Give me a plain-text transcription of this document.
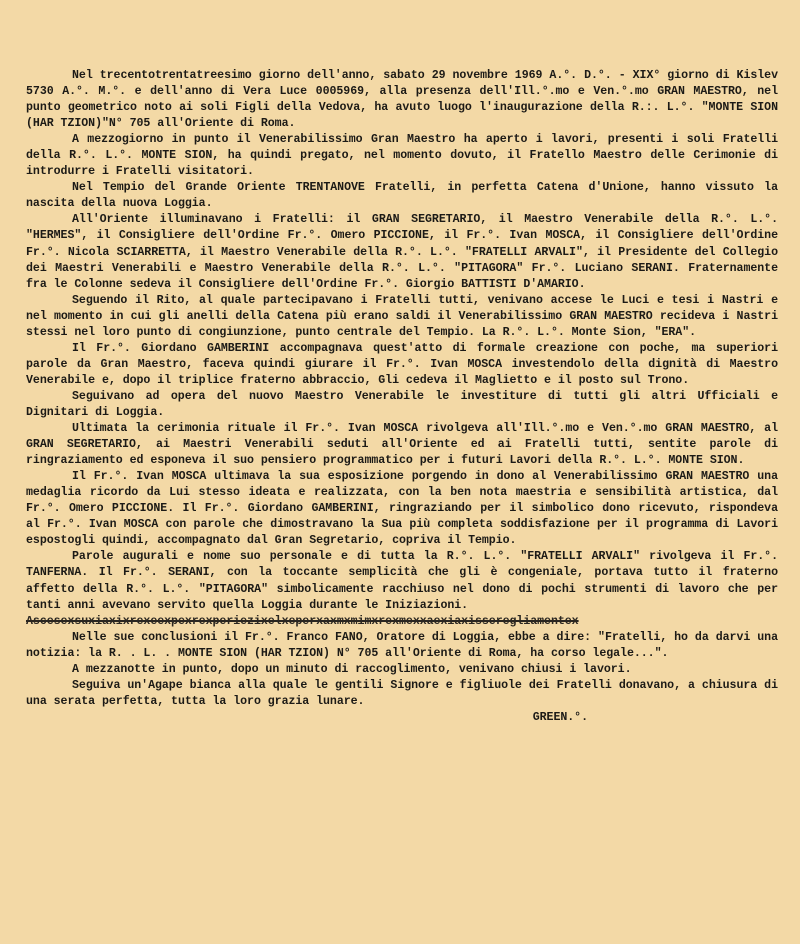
Nel trecentotrentatreesimo giorno dell'anno, sabato 29 novembre 1969 A.°. D.°. - XIX° giorno di Kislev 5730 A.°. M.°. e dell'anno di Vera Luce 0005969, alla presenza dell'Ill.°.mo e Ven.°.mo GRAN MAESTRO, nel punto geometrico noto ai soli Figli della Vedova, ha avuto luogo l'inaugurazione della R.:. L.°. "MONTE SION (HAR TZION)"N° 705 all'Oriente di Roma.

A mezzogiorno in punto il Venerabilissimo Gran Maestro ha aperto i lavori, presenti i soli Fratelli della R.°. L.°. MONTE SION, ha quindi pregato, nel momento dovuto, il Fratello Maestro delle Cerimonie di introdurre i Fratelli visitatori.

Nel Tempio del Grande Oriente TRENTANOVE Fratelli, in perfetta Catena d'Unione, hanno vissuto la nascita della nuova Loggia.

All'Oriente illuminavano i Fratelli: il GRAN SEGRETARIO, il Maestro Venerabile della R.°. L.°. "HERMES", il Consigliere dell'Ordine Fr.°. Omero PICCIONE, il Fr.°. Ivan MOSCA, il Consigliere dell'Ordine Fr.°. Nicola SCIARRETTA, il Maestro Venerabile della R.°. L.°. "FRATELLI ARVALI", il Presidente del Collegio dei Maestri Venerabili e Maestro Venerabile della R.°. L.°. "PITAGORA" Fr.°. Luciano SERANI. Fraternamente fra le Colonne sedeva il Consigliere dell'Ordine Fr.°. Giorgio BATTISTI D'AMARIO.

Seguendo il Rito, al quale partecipavano i Fratelli tutti, venivano accese le Luci e tesi i Nastri e nel momento in cui gli anelli della Catena più erano saldi il Venerabilissimo GRAN MAESTRO recideva i Nastri stessi nel loro punto di congiunzione, punto centrale del Tempio. La R.°. L.°. Monte Sion, "ERA".

Il Fr.°. Giordano GAMBERINI accompagnava quest'atto di formale creazione con poche, ma superiori parole da Gran Maestro, faceva quindi giurare il Fr.°. Ivan MOSCA investendolo della dignità di Maestro Venerabile e, dopo il triplice fraterno abbraccio, Gli cedeva il Maglietto e il posto sul Trono.

Seguivano ad opera del nuovo Maestro Venerabile le investiture di tutti gli altri Ufficiali e Dignitari di Loggia.

Ultimata la cerimonia rituale il Fr.°. Ivan MOSCA rivolgeva all'Ill.°.mo e Ven.°.mo GRAN MAESTRO, al GRAN SEGRETARIO, ai Maestri Venerabili seduti all'Oriente ed ai Fratelli tutti, sentite parole di ringraziamento ed esponeva il suo pensiero programmatico per i futuri Lavori della R.°. L.°. MONTE SION.

Il Fr.°. Ivan MOSCA ultimava la sua esposizione porgendo in dono al Venerabilissimo GRAN MAESTRO una medaglia ricordo da Lui stesso ideata e realizzata, con la ben nota maestria e sensibilità artistica, dal Fr.°. Omero PICCIONE. Il Fr.°. Giordano GAMBERINI, ringraziando per il simbolico dono ricevuto, rispondeva al Fr.°. Ivan MOSCA con parole che dimostravano la Sua più completa soddisfazione per il programma di Lavori espostogli quindi, accompagnato dal Gran Segretario, copriva il Tempio.

Parole augurali e nome suo personale e di tutta la R.°. L.°. "FRATELLI ARVALI" rivolgeva il Fr.°. TANFERNA. Il Fr.°. SERANI, con la toccante semplicità che gli è congeniale, portava tutto il fraterno affetto della R.°. L.°. "PITAGORA" simbolicamente racchiuso nel dono di pochi strumenti di lavoro che per tanti anni avevano servito quella Loggia durante le Iniziazioni.

Ascesexsuxiaxixrexeexpexrexperiezixelxeperxaxmxmimxrexmexxaexiaxisseregliamentex

Nelle sue conclusioni il Fr.°. Franco FANO, Oratore di Loggia, ebbe a dire: "Fratelli, ho da darvi una notizia: la R. . L. . MONTE SION (HAR TZION) N° 705 all'Oriente di Roma, ha corso legale...".

A mezzanotte in punto, dopo un minuto di raccoglimento, venivano chiusi i lavori.

Seguiva un'Agape bianca alla quale le gentili Signore e figliuole dei Fratelli donavano, a chiusura di una serata perfetta, tutta la loro grazia lunare.

GREEN.°.
